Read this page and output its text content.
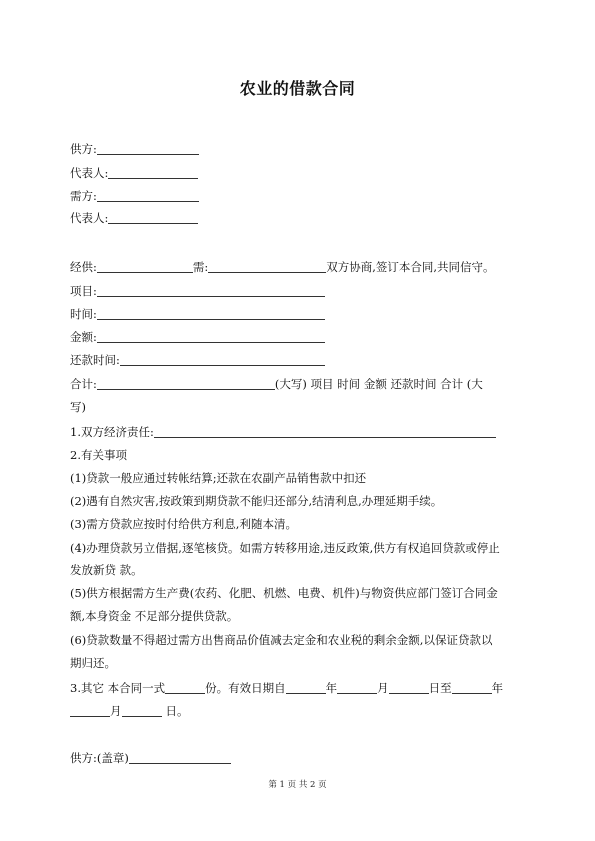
农业的借款合同
供方:
代表人:
需方:
代表人:
经供:	需:	双方协商,签订本合同,共同信守。
项目:
时间:
金额:
还款时间:
合计:	(大写) 项目 时间 金额 还款时间 合计 (大
写)
1.双方经济责任:
2.有关事项
(1)贷款一般应通过转帐结算;还款在农副产品销售款中扣还
(2)遇有自然灾害,按政策到期贷款不能归还部分,结清利息,办理延期手续。
(3)需方贷款应按时付给供方利息,利随本清。
(4)办理贷款另立借据,逐笔核贷。如需方转移用途,违反政策,供方有权追回贷款或停止
发放新贷 款。
(5)供方根据需方生产费(农药、化肥、机燃、电费、机件)与物资供应部门签订合同金
额,本身资金 不足部分提供贷款。
(6)贷款数量不得超过需方出售商品价值减去定金和农业税的剩余金额,以保证贷款以
期归还。
3.其它 本合同一式	份。有效日期自	年	月	日至	年
月	日。
供方:(盖章)
第 1 页 共 2 页
